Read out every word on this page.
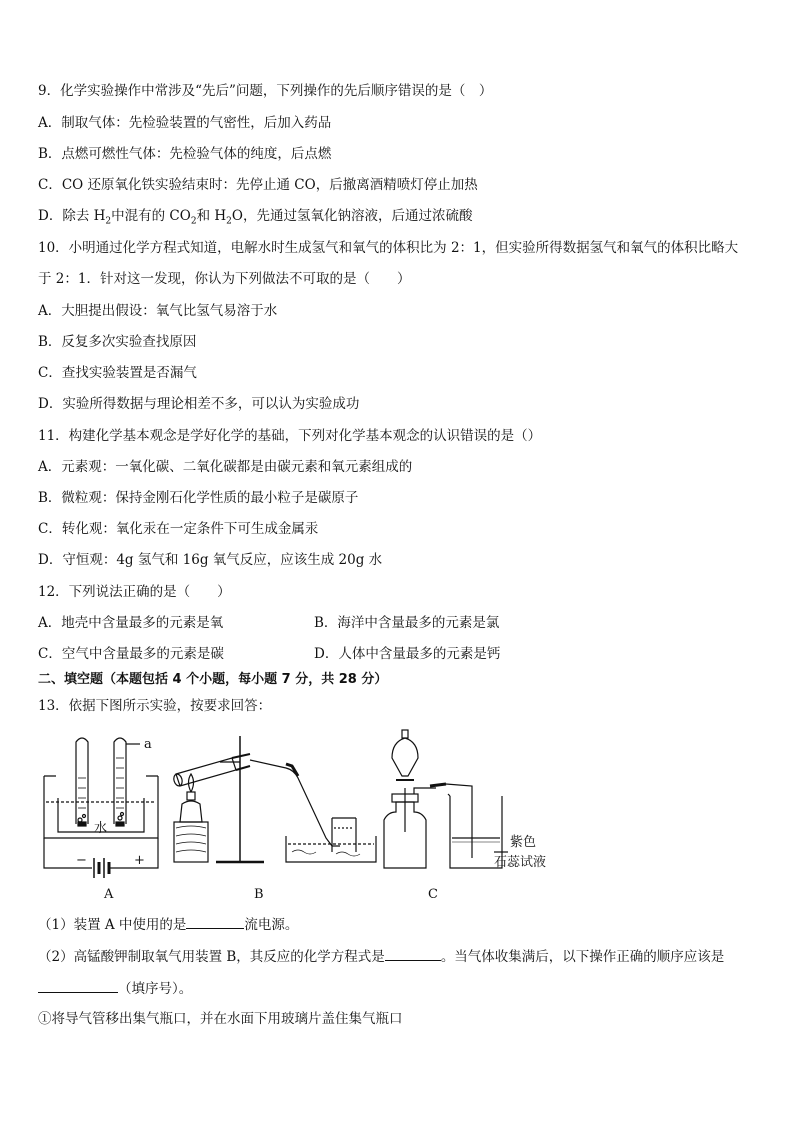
9．化学实验操作中常涉及“先后”问题，下列操作的先后顺序错误的是（　）
A．制取气体：先检验装置的气密性，后加入药品
B．点燃可燃性气体：先检验气体的纯度，后点燃
C．CO 还原氧化铁实验结束时：先停止通 CO，后撤离酒精喷灯停止加热
D．除去 $H_2$中混有的 $CO_2$和 $H_2O$，先通过氢氧化钠溶液，后通过浓硫酸
10．小明通过化学方程式知道，电解水时生成氢气和氧气的体积比为 2：1，但实验所得数据氢气和氧气的体积比略大
于 2：1．针对这一发现，你认为下列做法不可取的是（　　）
A．大胆提出假设：氧气比氢气易溶于水
B．反复多次实验查找原因
C．查找实验装置是否漏气
D．实验所得数据与理论相差不多，可以认为实验成功
11．构建化学基本观念是学好化学的基础，下列对化学基本观念的认识错误的是（）
A．元素观：一氧化碳、二氧化碳都是由碳元素和氧元素组成的
B．微粒观：保持金刚石化学性质的最小粒子是碳原子
C．转化观：氧化汞在一定条件下可生成金属汞
D．守恒观：4g 氢气和 16g 氧气反应，应该生成 20g 水
12．下列说法正确的是（　　）
A．地壳中含量最多的元素是氧	B．海洋中含量最多的元素是氯
C．空气中含量最多的元素是碳	D．人体中含量最多的元素是钙
二、填空题（本题包括 4 个小题，每小题 7 分，共 28 分）
13．依据下图所示实验，按要求回答：
a
水
−	+
A	B	C
紫色
石蕊试液
（1）装置 A 中使用的是	流电源。
（2）高锰酸钾制取氧气用装置 B，其反应的化学方程式是	。当气体收集满后，以下操作正确的顺序应该是
（填序号）。
①将导气管移出集气瓶口，并在水面下用玻璃片盖住集气瓶口
